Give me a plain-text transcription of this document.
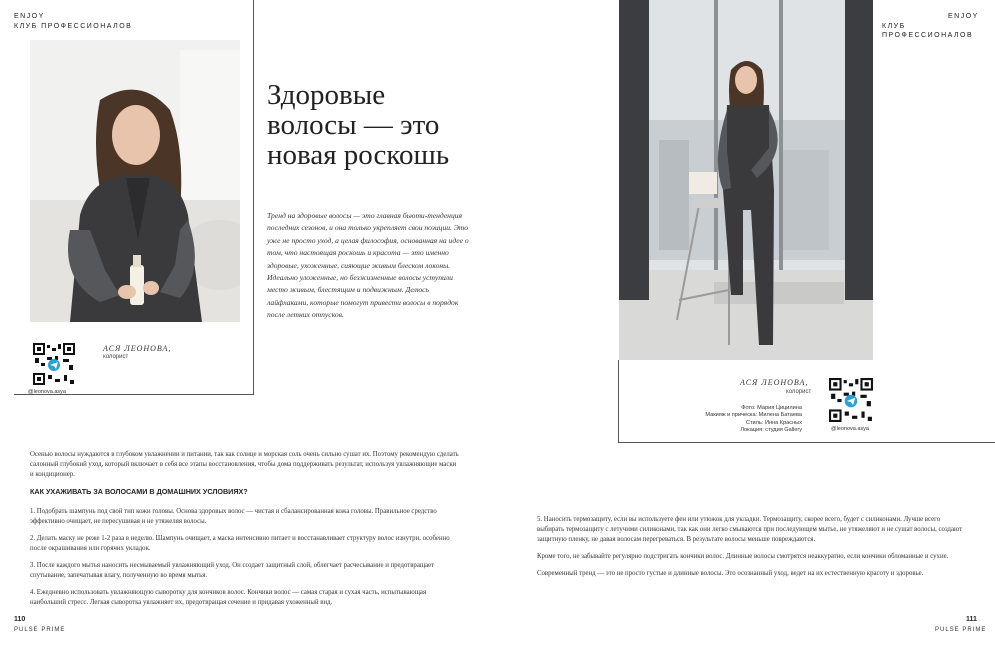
ENJOY
КЛУБ ПРОФЕССИОНАЛОВ
@leonova.asya
АСЯ ЛЕОНОВА,
колорист
Здоровые
волосы — это
новая роскошь
Тренд на здоровые волосы — это главная бьюти-тенденция последних сезонов, и она только укрепляет свои позиции. Это уже не просто уход, а целая философия, основанная на идее о том, что настоящая роскошь и красота — это именно здоровые, ухоженные, сияющие живым блеском локоны. Идеально уложенные, но безжизненные волосы уступили место живым, блестящим и подвижным. Делюсь лайфхаками, которые помогут привести волосы в порядок после летних отпусков.

Осенью волосы нуждаются в глубоком увлажнении и питании, так как солнце и морская соль очень сильно сушат их. Поэтому рекомендую сделать салонный глубокий уход, который включает в себя все этапы восстановления, чтобы дома поддерживать результат, используя увлажняющие маски и кондиционер.

КАК УХАЖИВАТЬ ЗА ВОЛОСАМИ В ДОМАШНИХ УСЛОВИЯХ?

1. Подобрать шампунь под свой тип кожи головы. Основа здоровых волос — чистая и сбалансированная кожа головы. Правильное средство эффективно очищает, не пересушивая и не утяжеляя волосы.

2. Делать маску не реже 1-2 раза в неделю. Шампунь очищает, а маска интенсивно питает и восстанавливает структуру волос изнутри, особенно после окрашивания или горячих укладок.

3. После каждого мытья наносить несмываемый увлажняющий уход. Он создает защитный слой, облегчает расчесывание и предотвращает спутывание, запечатывая влагу, полученную во время мытья.

4. Ежедневно использовать увлажняющую сыворотку для кончиков волос. Кончики волос — самая старая и сухая часть, испытывающая наибольший стресс. Легкая сыворотка увлажняет их, предотвращая сечение и придавая ухоженный вид.

110
PULSE PRIME
ENJOY
КЛУБ ПРОФЕССИОНАЛОВ
АСЯ ЛЕОНОВА,
колорист
Фото: Мария Цицилина
Макияж и прическа: Милена Батаева
Стиль: Инна Красных
Локация: студия Gallery	@leonova.asya

5. Наносить термозащиту, если вы используете фен или утюжок для укладки. Термозащиту, скорее всего, будет с силиконами. Лучше всего выбирать термозащиту с летучими силиконами, так как они легко смываются при последующем мытье, не утяжеляют и не сушат волосы, создают защитную пленку, не давая волосам перегреваться. В результате волосы меньше повреждаются.

Кроме того, не забывайте регулярно подстригать кончики волос. Длинные волосы смотрятся неаккуратно, если кончики обломанные и сухие.

Современный тренд — это не просто густые и длинные волосы. Это осознанный уход, ведет на их естественную красоту и здоровье.

111
PULSE PRIME
